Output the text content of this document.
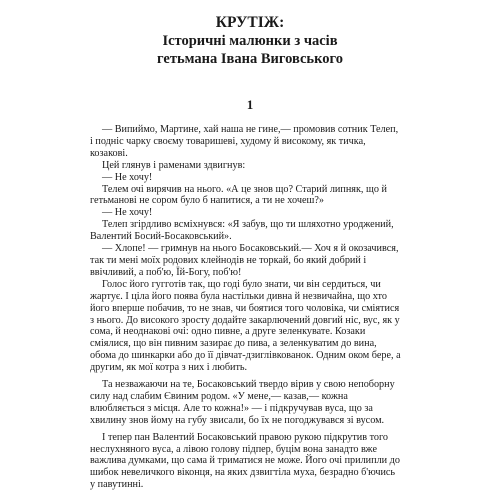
КРУТІЖ:
Історичні малюнки з часів
гетьмана Івана Виговського
1

— Випиймо, Мартине, хай наша не гине,— промовив сотник Телеп, і подніс чарку своєму товаришеві, худому й високому, як тичка, козакові.

Цей глянув і раменами здвигнув:

— Не хочу!

Телем очі вирячив на нього. «А це знов що? Старий липняк, що й гетьманові не сором було б напитися, а ти не хочеш?»

— Не хочу!

Телеп згірдливо всміхнувся: «Я забув, що ти шляхотно уроджений, Валентий Босий-Босаковський».

— Хлопе! — гримнув на нього Босаковський.— Хоч я й окозачився, так ти мені моїх родових клейнодів не торкай, бо який добрий і ввічливий, а поб'ю, Їй-Богу, поб'ю!

Голос його гугготів так, що годі було знати, чи він сердиться, чи жартує. І ціла його поява була настільки дивна й незвичайна, що хто його вперше побачив, то не знав, чи боятися того чоловіка, чи сміятися з нього. До високого зросту додайте закарлючений довгий ніс, вус, як у сома, й неоднакові очі: одно пивне, а друге зеленкувате. Козаки сміялися, що він пивним зазирає до пива, а зеленкуватим до вина, обома до шинкарки або до її дівчат-дзиглівкованок. Одним оком бере, а другим, як мої котра з них і любить.

Та незважаючи на те, Босаковський твердо вірив у свою непоборну силу над слабим Євиним родом. «У мене,— казав,— кожна влюбляється з місця. Але то кожна!» — і підкручував вуса, що за хвилину знов йому на губу звисали, бо їх не погоджувався зі вусом.

І тепер пан Валентий Босаковський правою рукою підкрутив того неслухняного вуса, а лівою голову підпер, буцім вона занадто вже важлива думками, що сама й триматися не може. Його очі прилипли до шибок невеличкого віконця, на яких дзвигтіла муха, безрадно б'ючись у павутинні.
